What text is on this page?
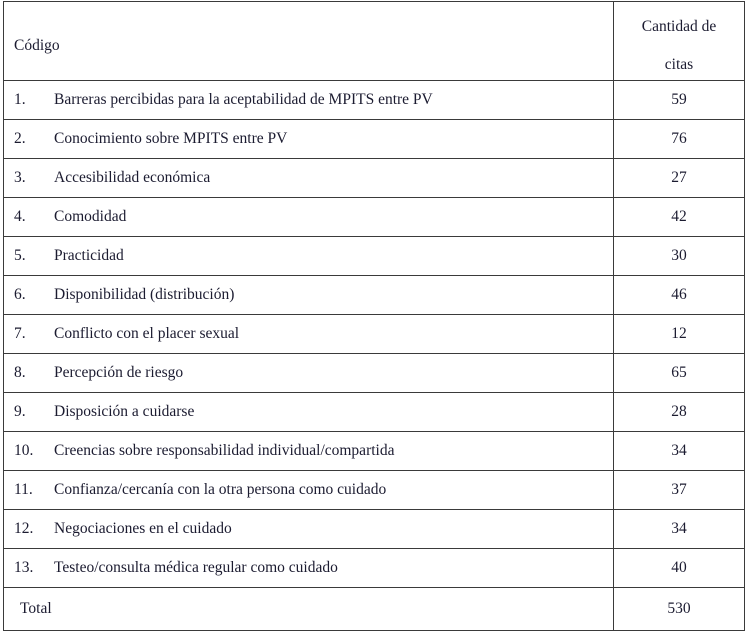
Código	Cantidad de
citas

1. Barreras percibidas para la aceptabilidad de MPITS entre PV	59

2. Conocimiento sobre MPITS entre PV	76

3. Accesibilidad económica	27

4. Comodidad	42

5. Practicidad	30

6. Disponibilidad (distribución)	46

7. Conflicto con el placer sexual	12

8. Percepción de riesgo	65

9. Disposición a cuidarse	28

10. Creencias sobre responsabilidad individual/compartida	34

11. Confianza/cercanía con la otra persona como cuidado	37

12. Negociaciones en el cuidado	34

13. Testeo/consulta médica regular como cuidado	40

Total	530
